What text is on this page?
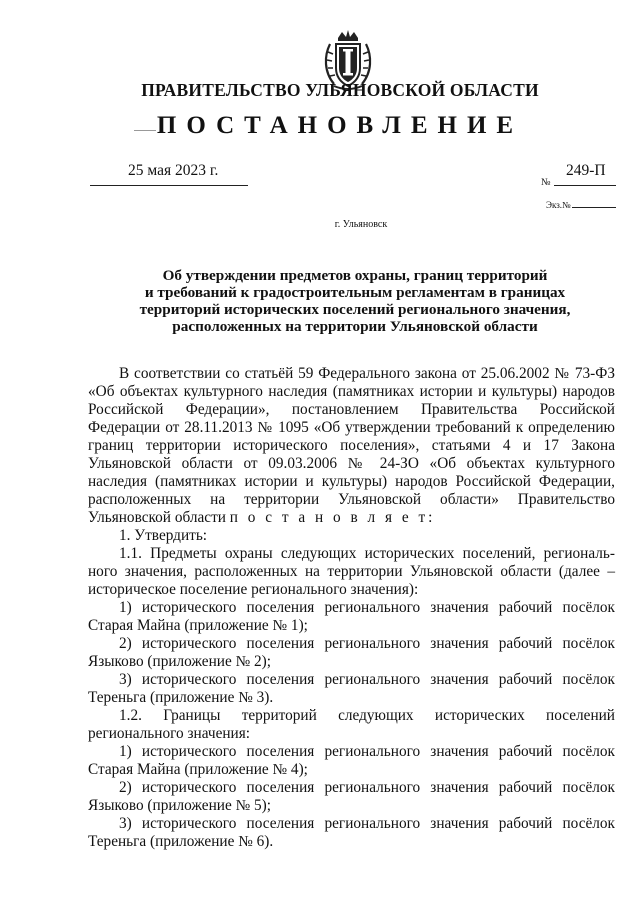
ПРАВИТЕЛЬСТВО УЛЬЯНОВСКОЙ ОБЛАСТИ
ПОСТАНОВЛЕНИЕ
25 мая 2023 г.	249-П
№
Экз.№
г. Ульяновск
Об утверждении предметов охраны, границ территорий
и требований к градостроительным регламентам в границах
территорий исторических поселений регионального значения,
расположенных на территории Ульяновской области

В соответствии со статьёй 59 Федерального закона от 25.06.2002 № 73-ФЗ «Об объектах культурного наследия (памятниках истории и культуры) народов Российской Федерации», постановлением Правительства Российской Федерации от 28.11.2013 № 1095 «Об утверждении требований к определению границ территории исторического поселения», статьями 4 и 17 Закона Ульяновской области от 09.03.2006 № 24-ЗО «Об объектах культурного наследия (памятниках истории и культуры) народов Российской Федерации, расположенных на территории Ульяновской области» Правительство Ульяновской области п о с т а н о в л я е т:

1. Утвердить:

1.1. Предметы охраны следующих исторических поселений, региональ-ного значения, расположенных на территории Ульяновской области (далее – историческое поселение регионального значения):

1) исторического поселения регионального значения рабочий посёлок Старая Майна (приложение № 1);

2) исторического поселения регионального значения рабочий посёлок Языково (приложение № 2);

3) исторического поселения регионального значения рабочий посёлок Тереньга (приложение № 3).

1.2. Границы территорий следующих исторических поселений регионального значения:

1) исторического поселения регионального значения рабочий посёлок Старая Майна (приложение № 4);

2) исторического поселения регионального значения рабочий посёлок Языково (приложение № 5);

3) исторического поселения регионального значения рабочий посёлок Тереньга (приложение № 6).
